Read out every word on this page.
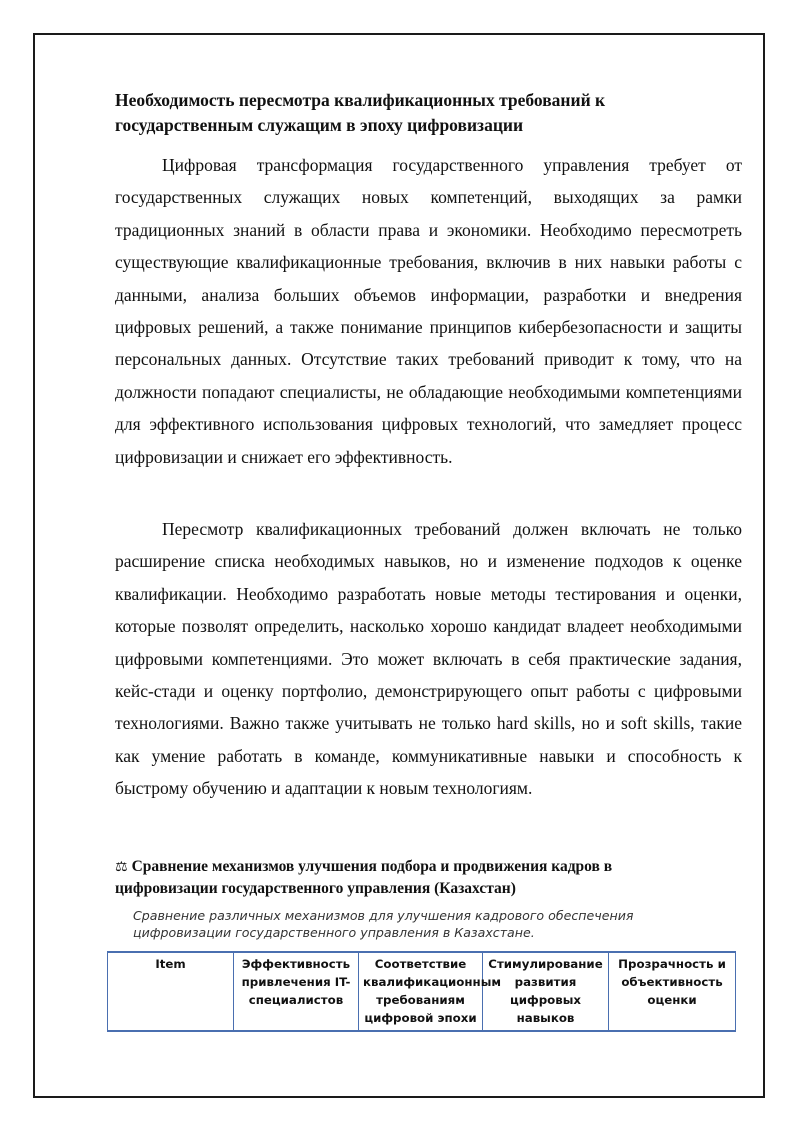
Необходимость пересмотра квалификационных требований к государственным служащим в эпоху цифровизации

Цифровая трансформация государственного управления требует от государственных служащих новых компетенций, выходящих за рамки традиционных знаний в области права и экономики. Необходимо пересмотреть существующие квалификационные требования, включив в них навыки работы с данными, анализа больших объемов информации, разработки и внедрения цифровых решений, а также понимание принципов кибербезопасности и защиты персональных данных. Отсутствие таких требований приводит к тому, что на должности попадают специалисты, не обладающие необходимыми компетенциями для эффективного использования цифровых технологий, что замедляет процесс цифровизации и снижает его эффективность.

Пересмотр квалификационных требований должен включать не только расширение списка необходимых навыков, но и изменение подходов к оценке квалификации. Необходимо разработать новые методы тестирования и оценки, которые позволят определить, насколько хорошо кандидат владеет необходимыми цифровыми компетенциями. Это может включать в себя практические задания, кейс-стади и оценку портфолио, демонстрирующего опыт работы с цифровыми технологиями. Важно также учитывать не только hard skills, но и soft skills, такие как умение работать в команде, коммуникативные навыки и способность к быстрому обучению и адаптации к новым технологиям.

⚖ Сравнение механизмов улучшения подбора и продвижения кадров в цифровизации государственного управления (Казахстан)
Сравнение различных механизмов для улучшения кадрового обеспечения цифровизации государственного управления в Казахстане.
Item	Эффективность привлечения IT-специалистов	Соответствие квалификационным требованиям цифровой эпохи	Стимулирование развития цифровых навыков	Прозрачность и объективность оценки
